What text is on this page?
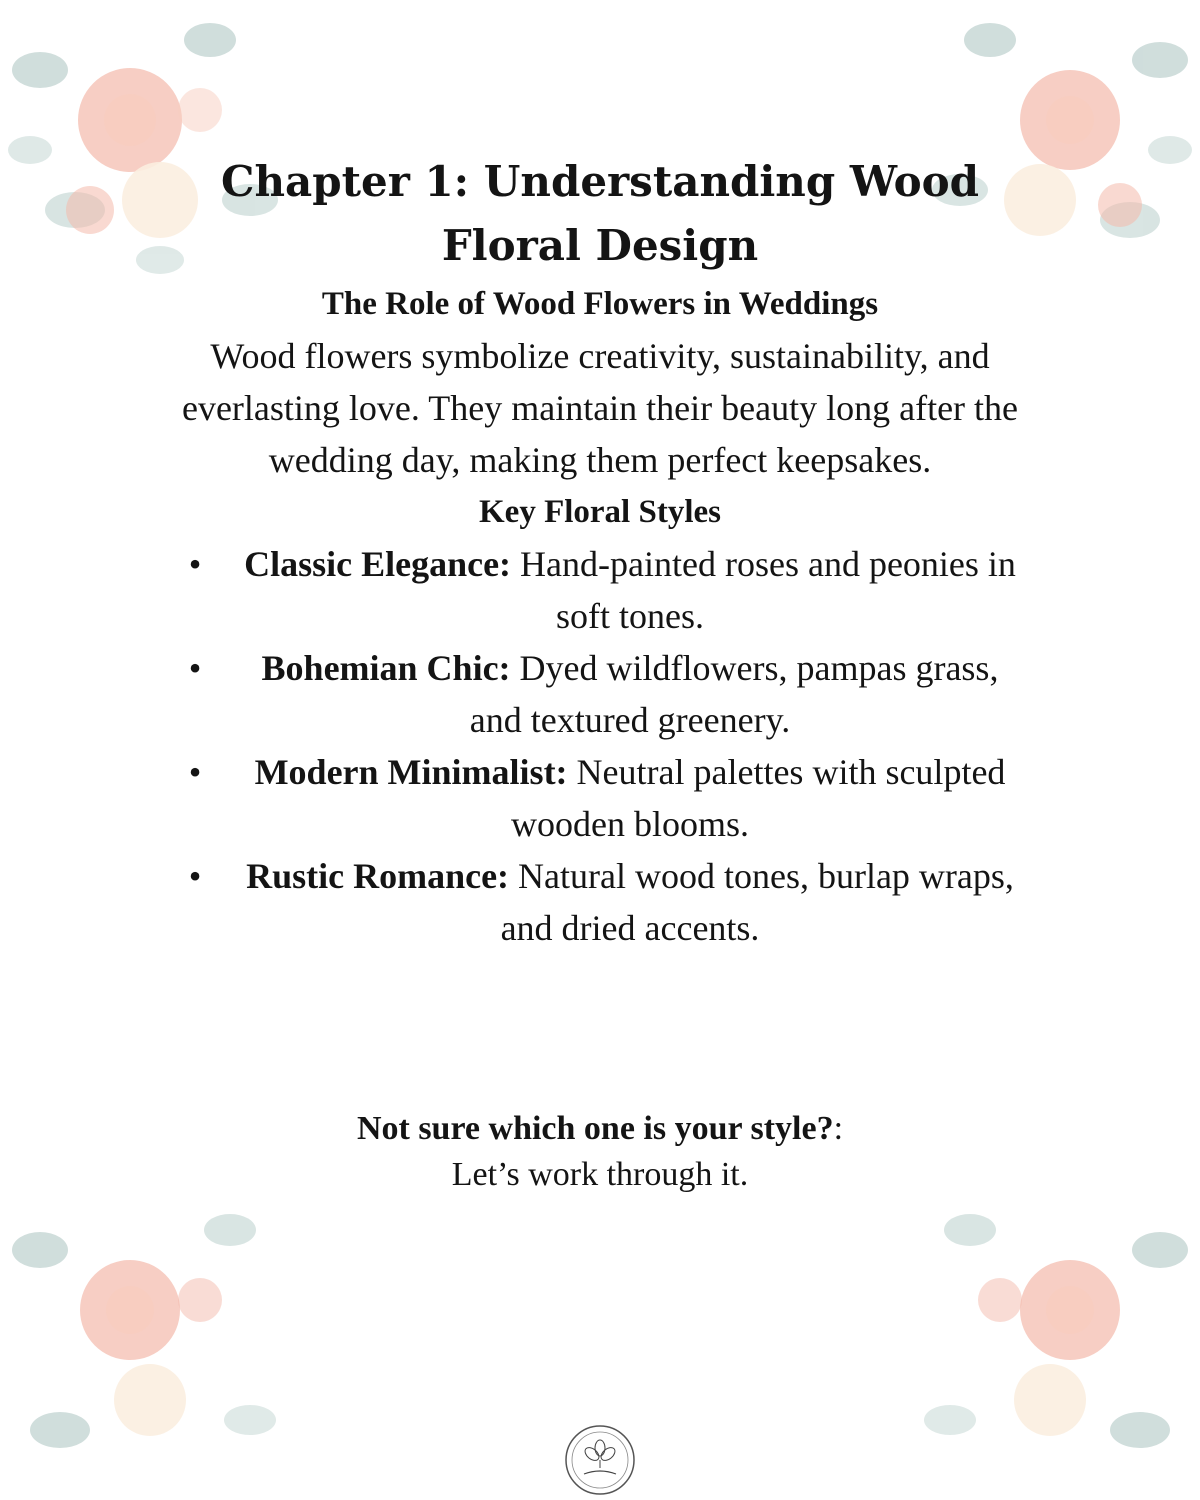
Chapter 1: Understanding Wood Floral Design
The Role of Wood Flowers in Weddings

Wood flowers symbolize creativity, sustainability, and everlasting love. They maintain their beauty long after the wedding day, making them perfect keepsakes.

Key Floral Styles
• Classic Elegance: Hand-painted roses and peonies in soft tones.
•	Bohemian Chic: Dyed wildflowers, pampas grass, and textured greenery.
•	Modern Minimalist: Neutral palettes with sculpted wooden blooms.
• Rustic Romance: Natural wood tones, burlap wraps, and dried accents.
Not sure which one is your style?:
Let’s work through it.
